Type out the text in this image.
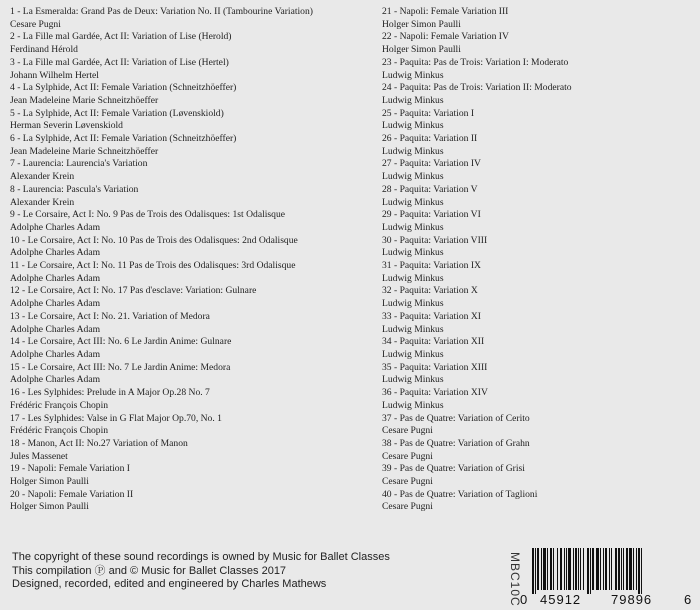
1 - La Esmeralda: Grand Pas de Deux: Variation No. II (Tambourine Variation)
Cesare Pugni
2 - La Fille mal Gardée, Act II: Variation of Lise (Herold)
Ferdinand Hérold
3 - La Fille mal Gardée, Act II: Variation of Lise (Hertel)
Johann Wilhelm Hertel
4 - La Sylphide, Act II: Female Variation (Schneitzhöeffer)
Jean Madeleine Marie Schneitzhöeffer
5 - La Sylphide, Act II: Female Variation (Løvenskiold)
Herman Severin Løvenskiold
6 - La Sylphide, Act II: Female Variation (Schneitzhöeffer)
Jean Madeleine Marie Schneitzhöeffer
7 - Laurencia: Laurencia's Variation
Alexander Krein
8 - Laurencia: Pascula's Variation
Alexander Krein
9 - Le Corsaire, Act I: No. 9 Pas de Trois des Odalisques: 1st Odalisque
Adolphe Charles Adam
10 - Le Corsaire, Act I: No. 10 Pas de Trois des Odalisques: 2nd Odalisque
Adolphe Charles Adam
11 - Le Corsaire, Act I: No. 11 Pas de Trois des Odalisques: 3rd Odalisque
Adolphe Charles Adam
12 - Le Corsaire, Act I: No. 17 Pas d'esclave: Variation: Gulnare
Adolphe Charles Adam
13 - Le Corsaire, Act I: No. 21. Variation of Medora
Adolphe Charles Adam
14 - Le Corsaire, Act III: No. 6 Le Jardin Anime: Gulnare
Adolphe Charles Adam
15 - Le Corsaire, Act III: No. 7 Le Jardin Anime: Medora
Adolphe Charles Adam
16 - Les Sylphides: Prelude in A Major Op.28 No. 7
Frédéric François Chopin
17 - Les Sylphides: Valse in G Flat Major Op.70, No. 1
Frédéric François Chopin
18 - Manon, Act II: No.27 Variation of Manon
Jules Massenet
19 - Napoli: Female Variation I
Holger Simon Paulli
20 - Napoli: Female Variation II
Holger Simon Paulli
21 - Napoli: Female Variation III
Holger Simon Paulli
22 - Napoli: Female Variation IV
Holger Simon Paulli
23 - Paquita: Pas de Trois: Variation I: Moderato
Ludwig Minkus
24 - Paquita: Pas de Trois: Variation II: Moderato
Ludwig Minkus
25 - Paquita: Variation I
Ludwig Minkus
26 - Paquita: Variation II
Ludwig Minkus
27 - Paquita: Variation IV
Ludwig Minkus
28 - Paquita: Variation V
Ludwig Minkus
29 - Paquita: Variation VI
Ludwig Minkus
30 - Paquita: Variation VIII
Ludwig Minkus
31 - Paquita: Variation IX
Ludwig Minkus
32 - Paquita: Variation X
Ludwig Minkus
33 - Paquita: Variation XI
Ludwig Minkus
34 - Paquita: Variation XII
Ludwig Minkus
35 - Paquita: Variation XIII
Ludwig Minkus
36 - Paquita: Variation XIV
Ludwig Minkus
37 - Pas de Quatre: Variation of Cerito
Cesare Pugni
38 - Pas de Quatre: Variation of Grahn
Cesare Pugni
39 - Pas de Quatre: Variation of Grisi
Cesare Pugni
40 - Pas de Quatre: Variation of Taglioni
Cesare Pugni
The copyright of these sound recordings is owned by Music for Ballet Classes
This compilation Ⓟ and © Music for Ballet Classes 2017
Designed, recorded, edited and engineered by Charles Mathews	MBC10C
0 45912 79896 6
